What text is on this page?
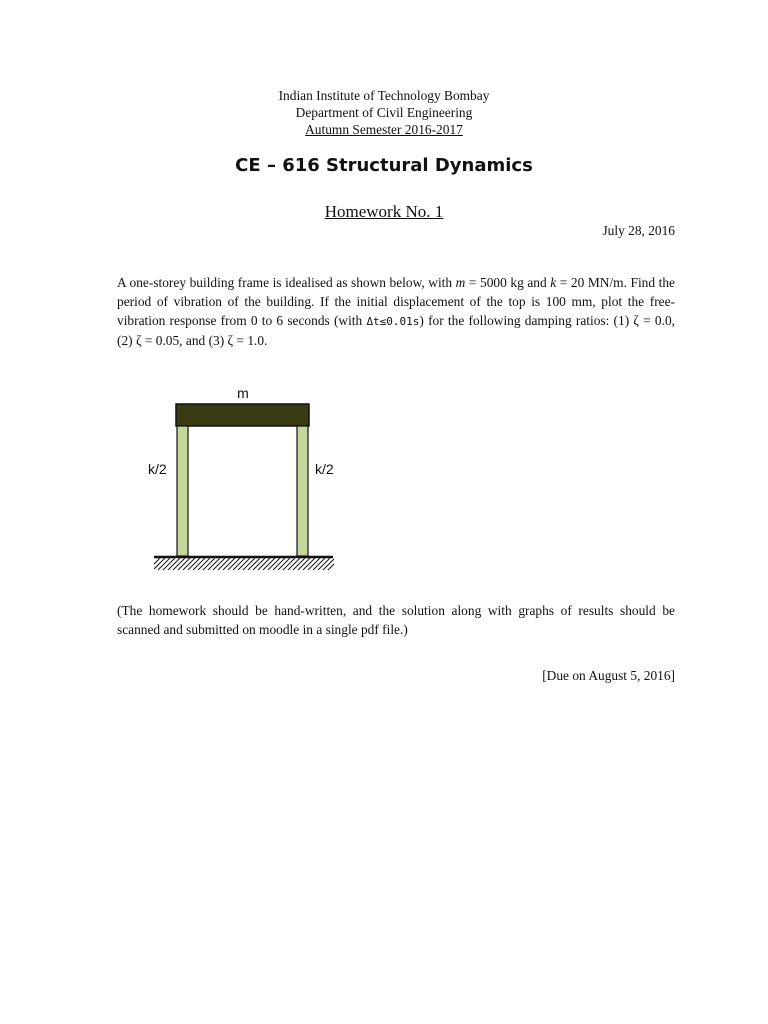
Indian Institute of Technology Bombay
Department of Civil Engineering
Autumn Semester 2016-2017
CE – 616 Structural Dynamics
Homework No. 1
July 28, 2016
A one-storey building frame is idealised as shown below, with m = 5000 kg and k = 20 MN/m. Find the period of vibration of the building. If the initial displacement of the top is 100 mm, plot the free-vibration response from 0 to 6 seconds (with Δt≤0.01s) for the following damping ratios: (1) ζ = 0.0, (2) ζ = 0.05, and (3) ζ = 1.0.
m
k/2	k/2
(The homework should be hand-written, and the solution along with graphs of results should be scanned and submitted on moodle in a single pdf file.)
[Due on August 5, 2016]
